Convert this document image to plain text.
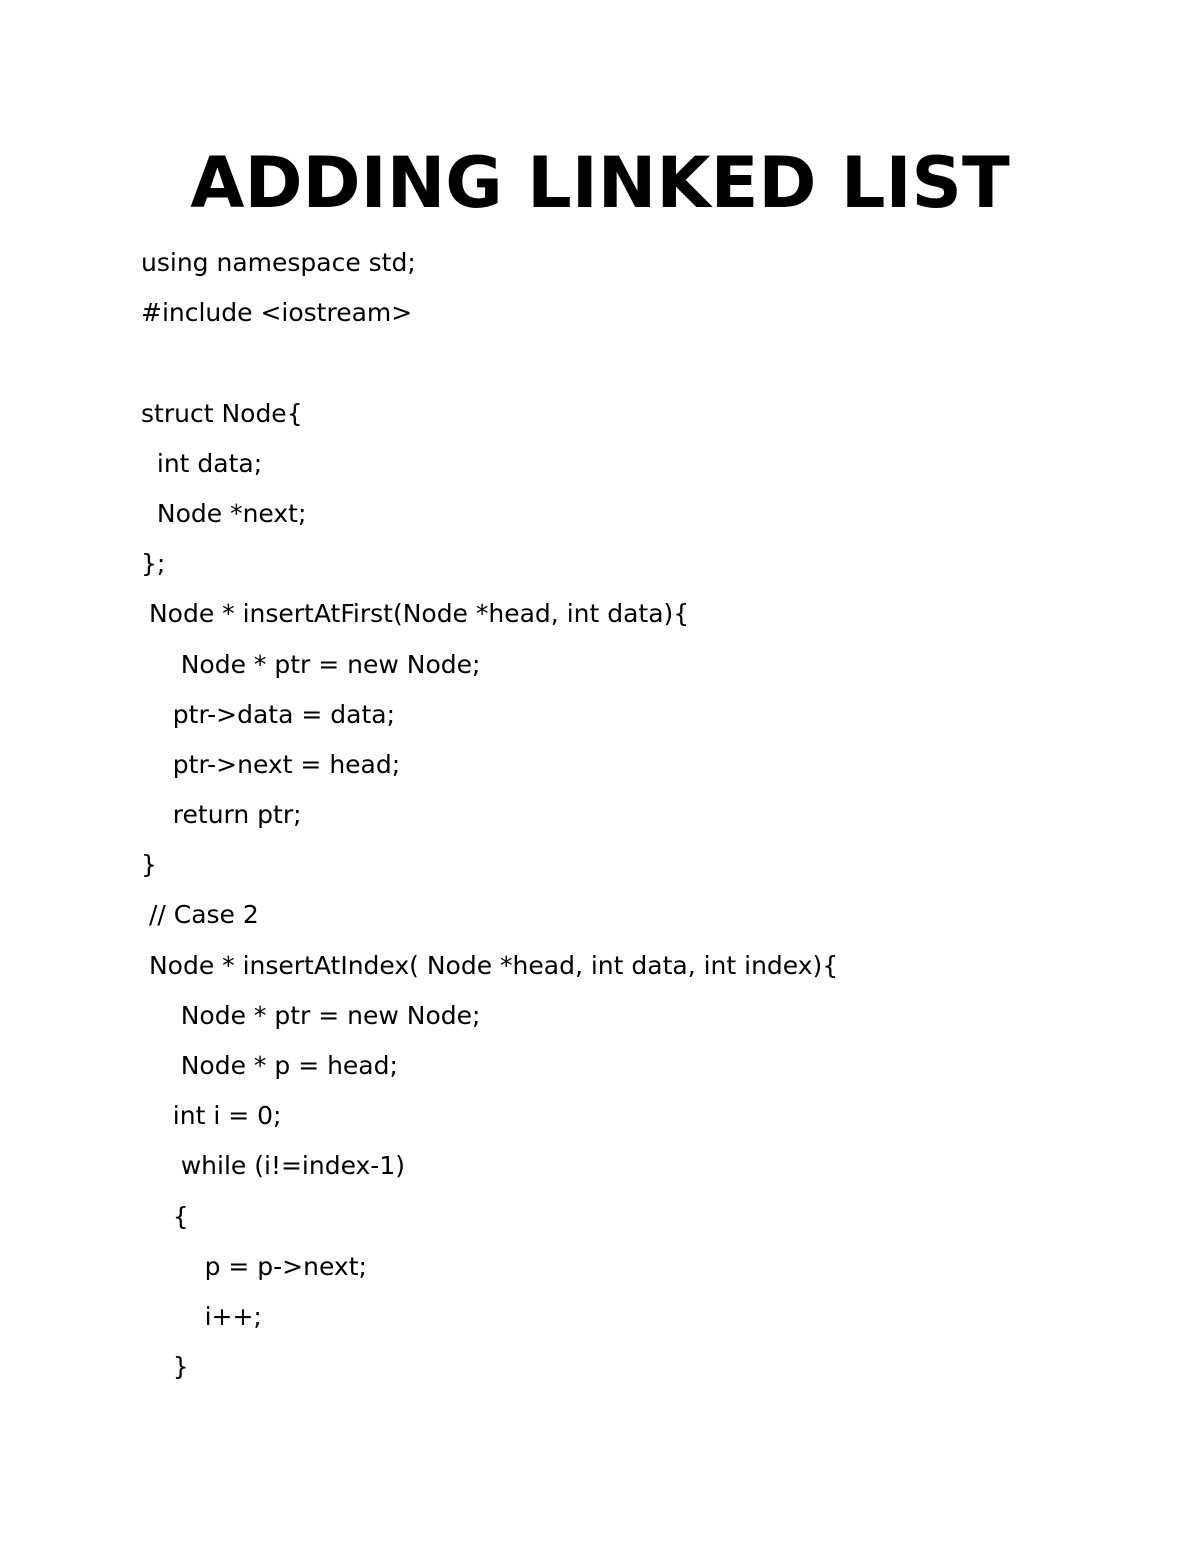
ADDING LINKED LIST
using namespace std;
#include <iostream>
struct Node{
int data;
Node *next;
};
Node * insertAtFirst(Node *head, int data){
Node * ptr = new Node;
ptr->data = data;
ptr->next = head;
return ptr;
}
// Case 2
Node * insertAtIndex( Node *head, int data, int index){
Node * ptr = new Node;
Node * p = head;
int i = 0;
while (i!=index-1)
{
p = p->next;
i++;
}
